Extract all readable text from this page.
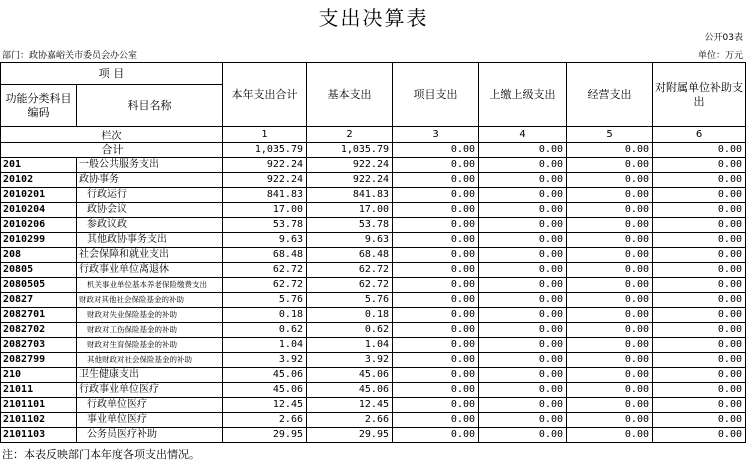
支出决算表
公开03表
部门：政协嘉峪关市委员会办公室	单位：万元
项 目		本年支出合计	基本支出	项目支出	上缴上级支出	经营支出	对附属单位补助支出
功能分类科目编码	科目名称						
栏次		1	2	3	4	5	6
合计		1,035.79	1,035.79	0.00	0.00	0.00	0.00
201	一般公共服务支出	922.24	922.24	0.00	0.00	0.00	0.00
20102	政协事务	922.24	922.24	0.00	0.00	0.00	0.00
2010201	行政运行	841.83	841.83	0.00	0.00	0.00	0.00
2010204	政协会议	17.00	17.00	0.00	0.00	0.00	0.00
2010206	参政议政	53.78	53.78	0.00	0.00	0.00	0.00
2010299	其他政协事务支出	9.63	9.63	0.00	0.00	0.00	0.00
208	社会保障和就业支出	68.48	68.48	0.00	0.00	0.00	0.00
20805	行政事业单位离退休	62.72	62.72	0.00	0.00	0.00	0.00
2080505	机关事业单位基本养老保险缴费支出	62.72	62.72	0.00	0.00	0.00	0.00
20827	财政对其他社会保险基金的补助	5.76	5.76	0.00	0.00	0.00	0.00
2082701	财政对失业保险基金的补助	0.18	0.18	0.00	0.00	0.00	0.00
2082702	财政对工伤保险基金的补助	0.62	0.62	0.00	0.00	0.00	0.00
2082703	财政对生育保险基金的补助	1.04	1.04	0.00	0.00	0.00	0.00
2082799	其他财政对社会保险基金的补助	3.92	3.92	0.00	0.00	0.00	0.00
210	卫生健康支出	45.06	45.06	0.00	0.00	0.00	0.00
21011	行政事业单位医疗	45.06	45.06	0.00	0.00	0.00	0.00
2101101	行政单位医疗	12.45	12.45	0.00	0.00	0.00	0.00
2101102	事业单位医疗	2.66	2.66	0.00	0.00	0.00	0.00
2101103	公务员医疗补助	29.95	29.95	0.00	0.00	0.00	0.00
注：本表反映部门本年度各项支出情况。
